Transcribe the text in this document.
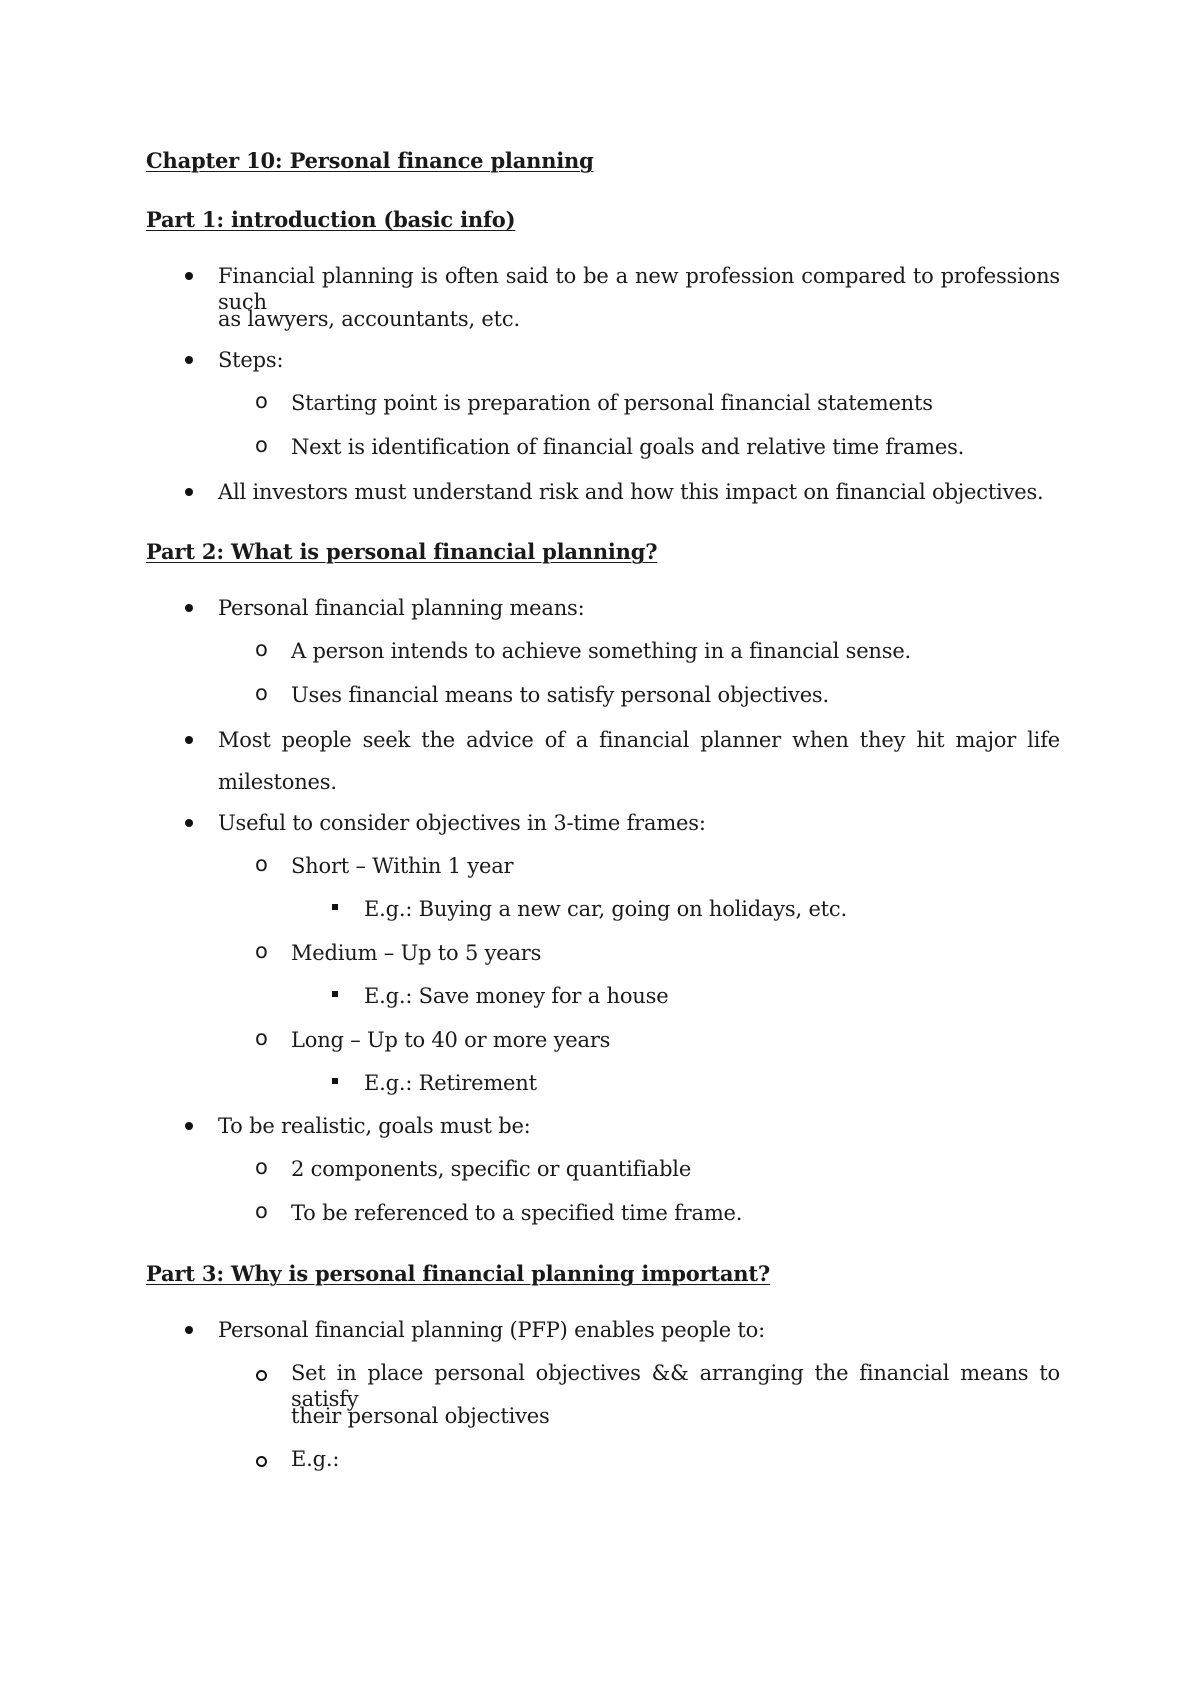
Chapter 10: Personal finance planning
Part 1: introduction (basic info)
Financial planning is often said to be a new profession compared to professions such
as lawyers, accountants, etc.
Steps:
o Starting point is preparation of personal financial statements
o Next is identification of financial goals and relative time frames.
All investors must understand risk and how this impact on financial objectives.
Part 2: What is personal financial planning?
Personal financial planning means:
o A person intends to achieve something in a financial sense.
o Uses financial means to satisfy personal objectives.
Most people seek the advice of a financial planner when they hit major life
milestones.
Useful to consider objectives in 3-time frames:
o Short – Within 1 year
E.g.: Buying a new car, going on holidays, etc.
o Medium – Up to 5 years
E.g.: Save money for a house
o Long – Up to 40 or more years
E.g.: Retirement
To be realistic, goals must be:
o 2 components, specific or quantifiable
o To be referenced to a specified time frame.
Part 3: Why is personal financial planning important?
Personal financial planning (PFP) enables people to:
Set in place personal objectives && arranging the financial means to satisfy
their personal objectives
E.g.:
